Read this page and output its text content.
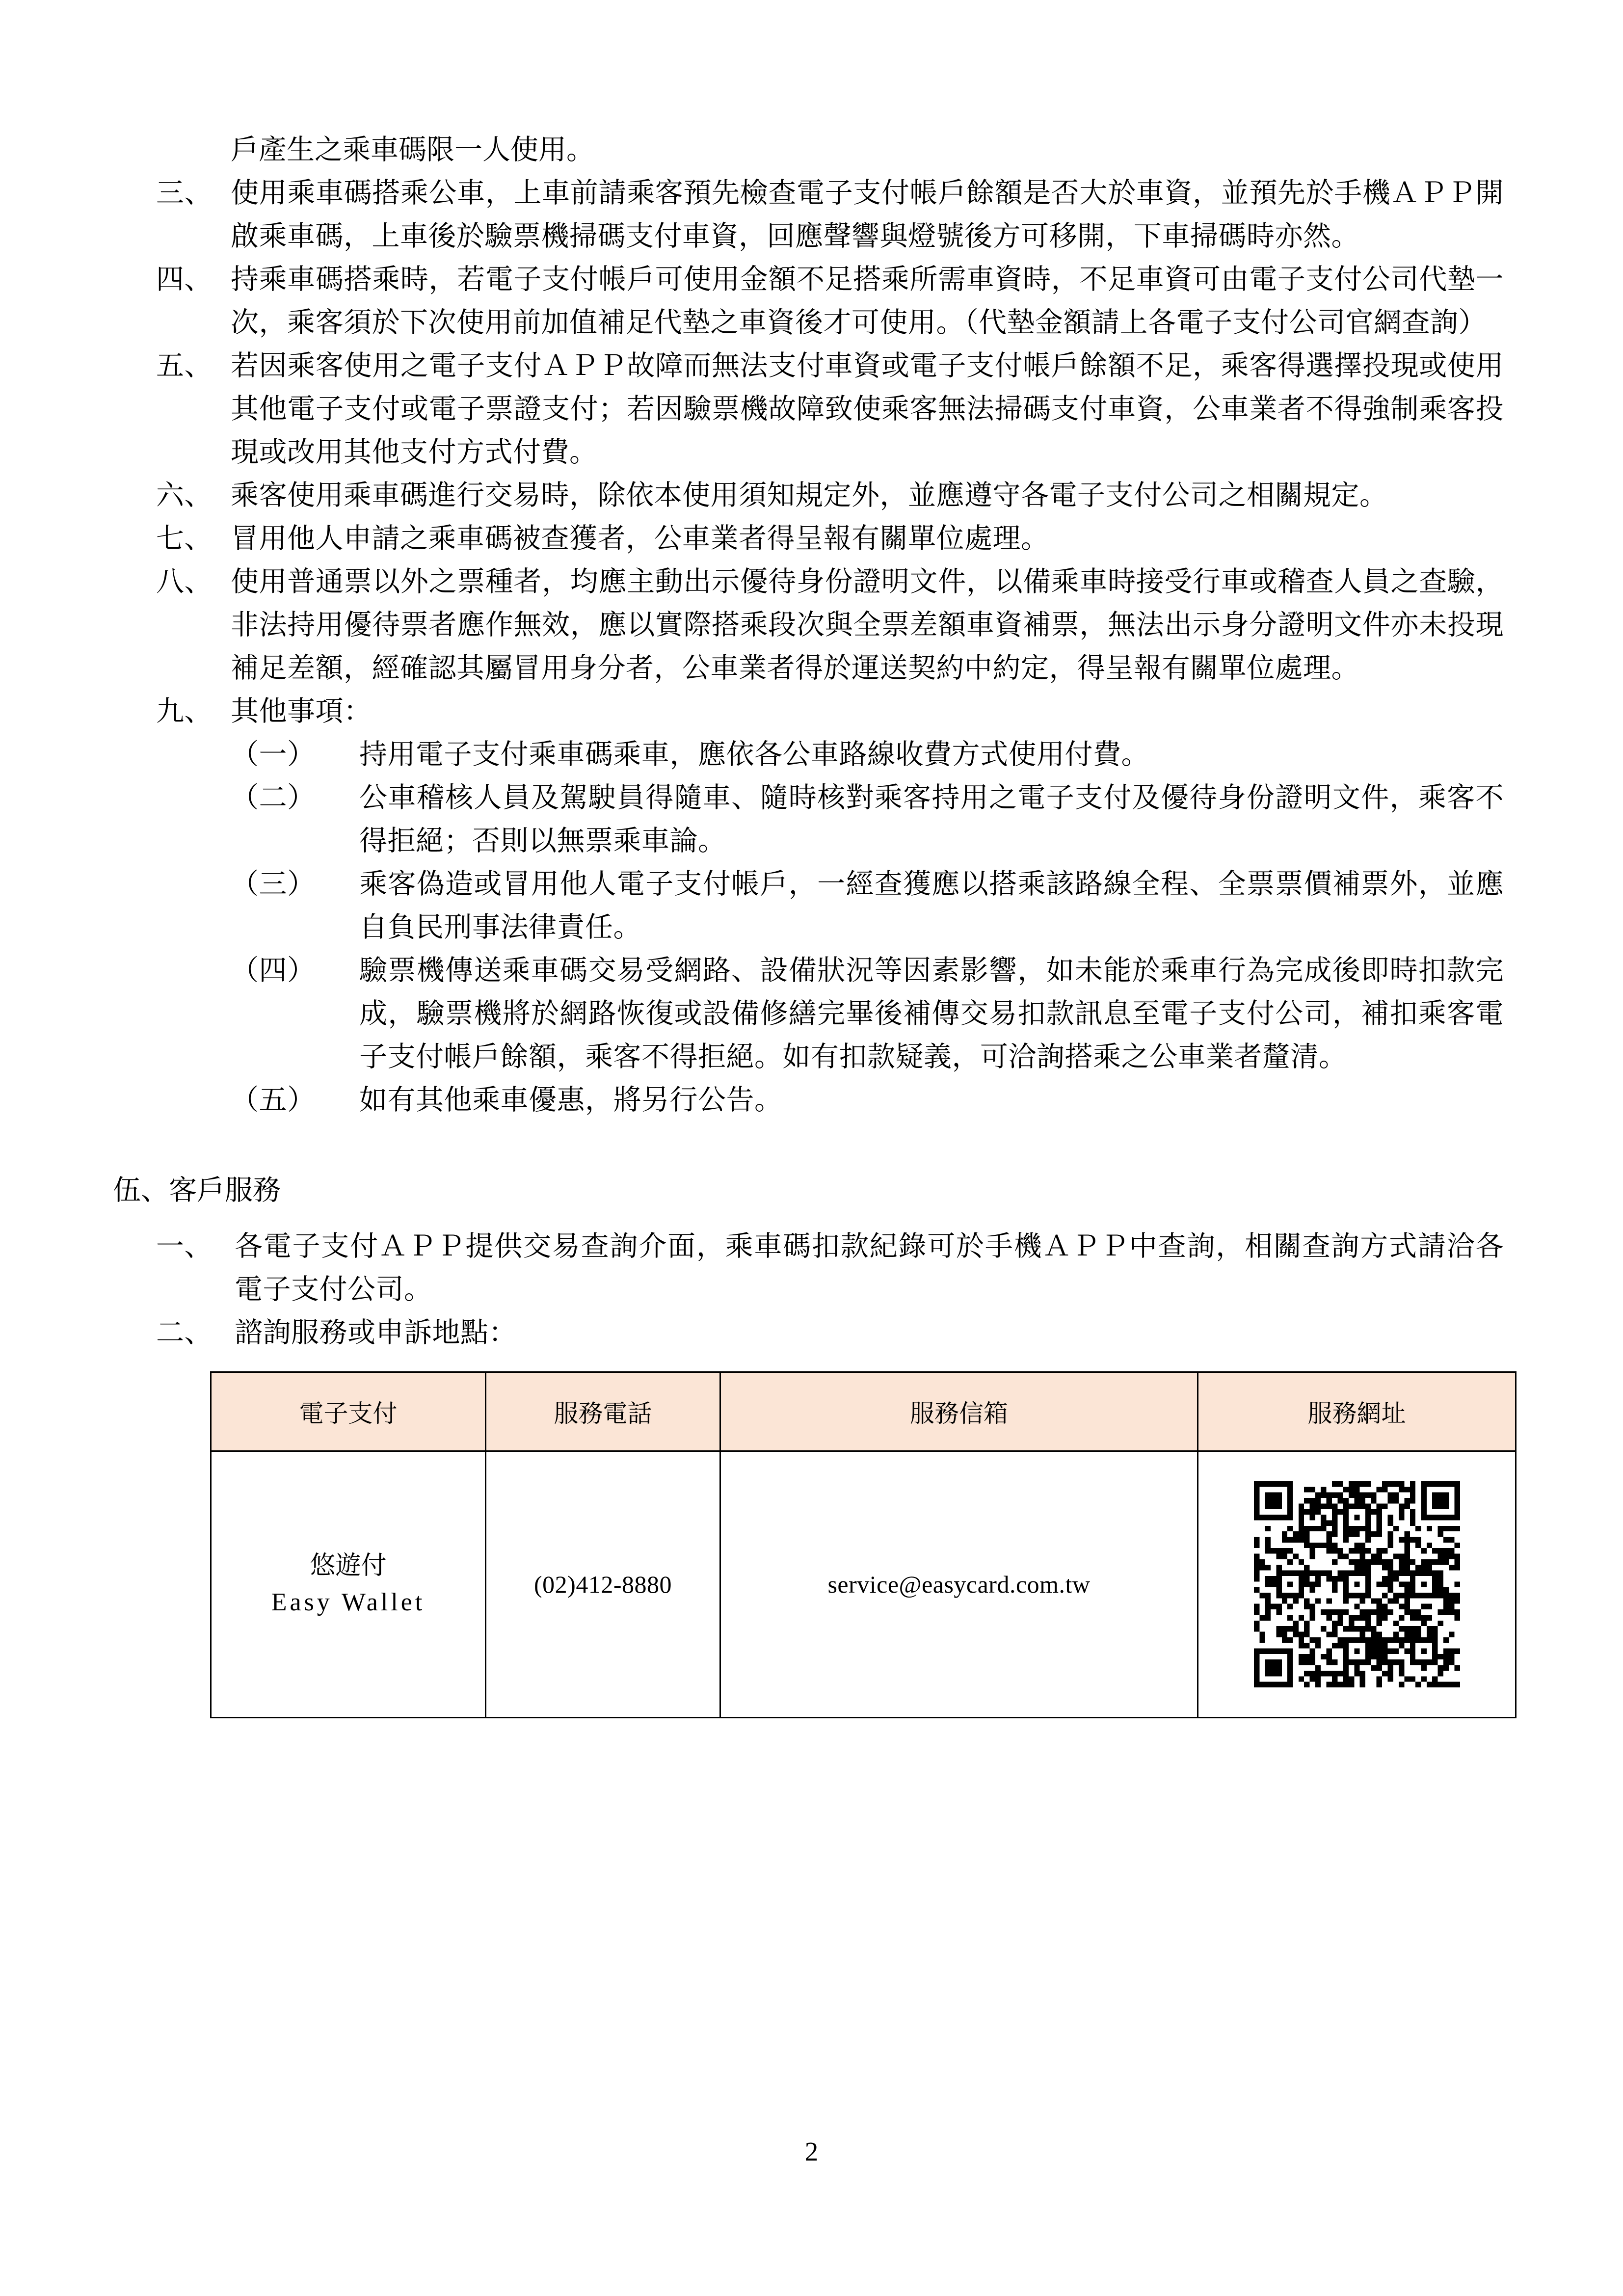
戶產生之乘車碼限一人使用。
三、 使用乘車碼搭乘公車，上車前請乘客預先檢查電子支付帳戶餘額是否大於車資，並預先於手機ＡＰＰ開啟乘車碼，上車後於驗票機掃碼支付車資，回應聲響與燈號後方可移開，下車掃碼時亦然。
四、 持乘車碼搭乘時，若電子支付帳戶可使用金額不足搭乘所需車資時，不足車資可由電子支付公司代墊一次，乘客須於下次使用前加值補足代墊之車資後才可使用。（代墊金額請上各電子支付公司官網查詢）
五、 若因乘客使用之電子支付ＡＰＰ故障而無法支付車資或電子支付帳戶餘額不足，乘客得選擇投現或使用其他電子支付或電子票證支付；若因驗票機故障致使乘客無法掃碼支付車資，公車業者不得強制乘客投現或改用其他支付方式付費。
六、 乘客使用乘車碼進行交易時，除依本使用須知規定外，並應遵守各電子支付公司之相關規定。
七、 冒用他人申請之乘車碼被查獲者，公車業者得呈報有關單位處理。
八、 使用普通票以外之票種者，均應主動出示優待身份證明文件，以備乘車時接受行車或稽查人員之查驗，非法持用優待票者應作無效，應以實際搭乘段次與全票差額車資補票，無法出示身分證明文件亦未投現補足差額，經確認其屬冒用身分者，公車業者得於運送契約中約定，得呈報有關單位處理。
九、 其他事項：
（一）	持用電子支付乘車碼乘車，應依各公車路線收費方式使用付費。
（二）	公車稽核人員及駕駛員得隨車、隨時核對乘客持用之電子支付及優待身份證明文件，乘客不得拒絕；否則以無票乘車論。
（三）	乘客偽造或冒用他人電子支付帳戶，一經查獲應以搭乘該路線全程、全票票價補票外，並應自負民刑事法律責任。
（四）	驗票機傳送乘車碼交易受網路、設備狀況等因素影響，如未能於乘車行為完成後即時扣款完成，驗票機將於網路恢復或設備修繕完畢後補傳交易扣款訊息至電子支付公司，補扣乘客電子支付帳戶餘額，乘客不得拒絕。如有扣款疑義，可洽詢搭乘之公車業者釐清。
（五）	如有其他乘車優惠，將另行公告。
伍、客戶服務
一、 各電子支付ＡＰＰ提供交易查詢介面，乘車碼扣款紀錄可於手機ＡＰＰ中查詢，相關查詢方式請洽各電子支付公司。
二、 諮詢服務或申訴地點：
電子支付	服務電話	服務信箱	服務網址

悠遊付
Easy Wallet	(02)412-8880	service@easycard.com.tw	
2
